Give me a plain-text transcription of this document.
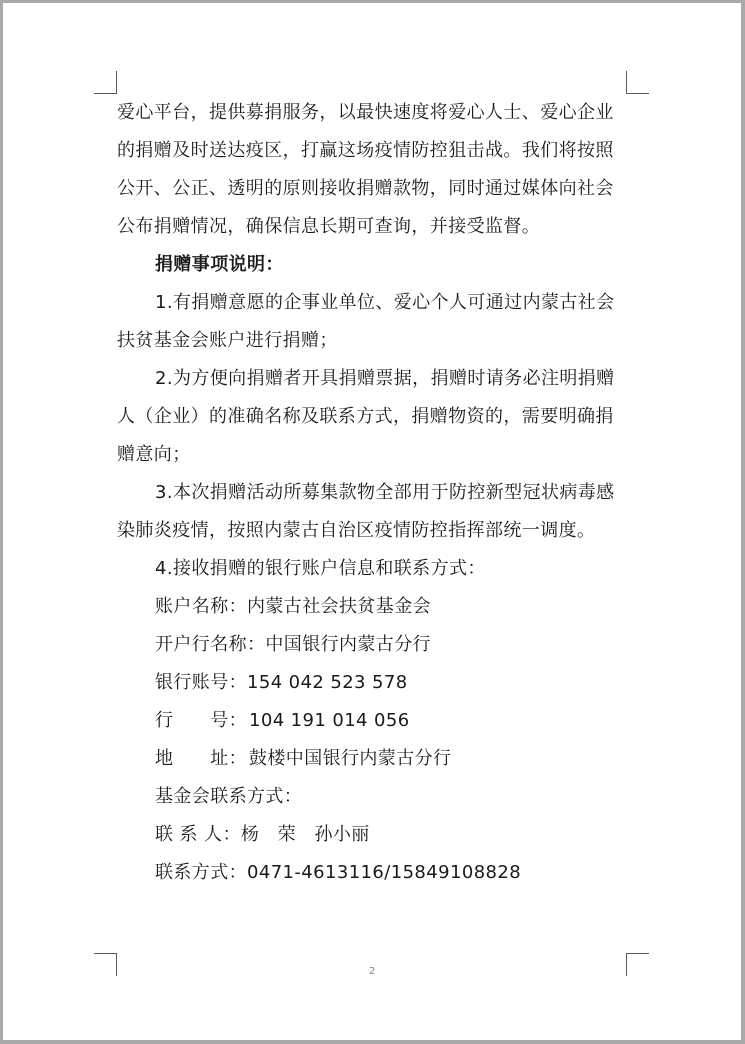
爱心平台，提供募捐服务，以最快速度将爱心人士、爱心企业的捐赠及时送达疫区，打赢这场疫情防控狙击战。我们将按照公开、公正、透明的原则接收捐赠款物，同时通过媒体向社会公布捐赠情况，确保信息长期可查询，并接受监督。

捐赠事项说明：

1.有捐赠意愿的企事业单位、爱心个人可通过内蒙古社会扶贫基金会账户进行捐赠；

2.为方便向捐赠者开具捐赠票据，捐赠时请务必注明捐赠人（企业）的准确名称及联系方式，捐赠物资的，需要明确捐赠意向；

3.本次捐赠活动所募集款物全部用于防控新型冠状病毒感染肺炎疫情，按照内蒙古自治区疫情防控指挥部统一调度。

4.接收捐赠的银行账户信息和联系方式：

账户名称：内蒙古社会扶贫基金会

开户行名称：中国银行内蒙古分行

银行账号：154 042 523 578

行　　号： 104 191 014 056

地　　址： 鼓楼中国银行内蒙古分行

基金会联系方式：

联 系 人：杨　荣　孙小丽

联系方式：0471-4613116/15849108828

2
